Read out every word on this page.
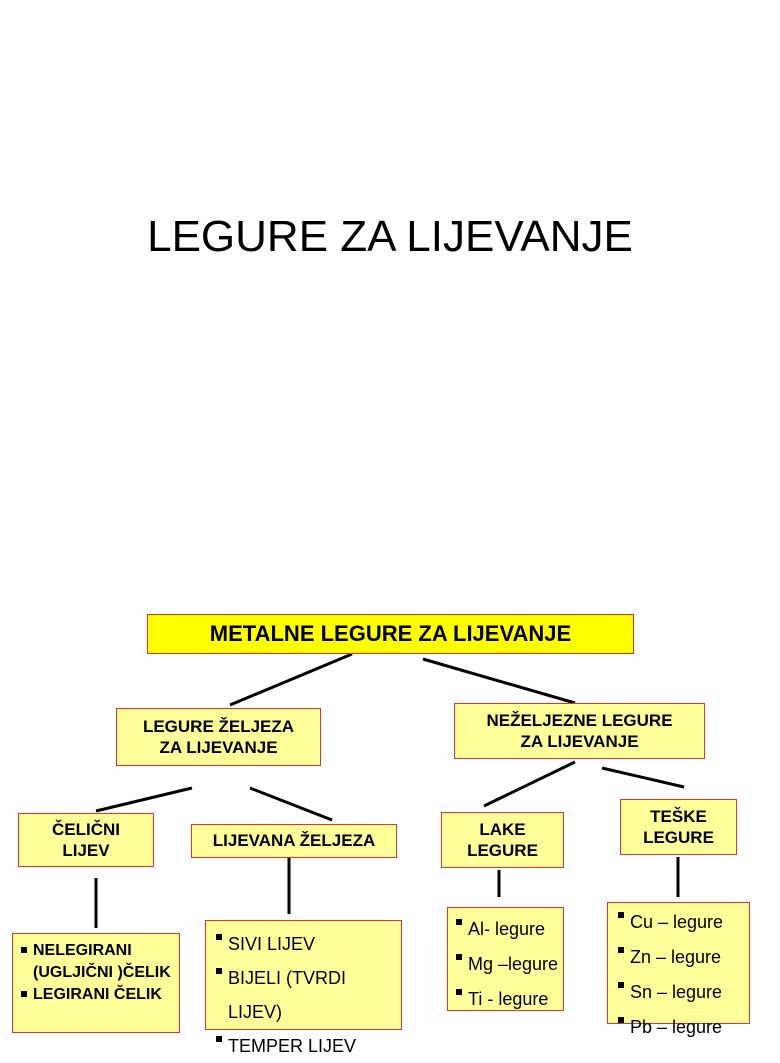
LEGURE ZA LIJEVANJE
METALNE LEGURE ZA LIJEVANJE
LEGURE ŽELJEZA
ZA LIJEVANJE
NEŽELJEZNE LEGURE
ZA LIJEVANJE
ČELIČNI
LIJEV
LIJEVANA ŽELJEZA
LAKE
LEGURE
TEŠKE
LEGURE
NELEGIRANI (UGLJIČNI )ČELIK
LEGIRANI ČELIK
SIVI LIJEV
BIJELI (TVRDI LIJEV)
TEMPER LIJEV
Al- legure
Mg –legure
Ti - legure
Cu – legure
Zn – legure
Sn – legure
Pb – legure
